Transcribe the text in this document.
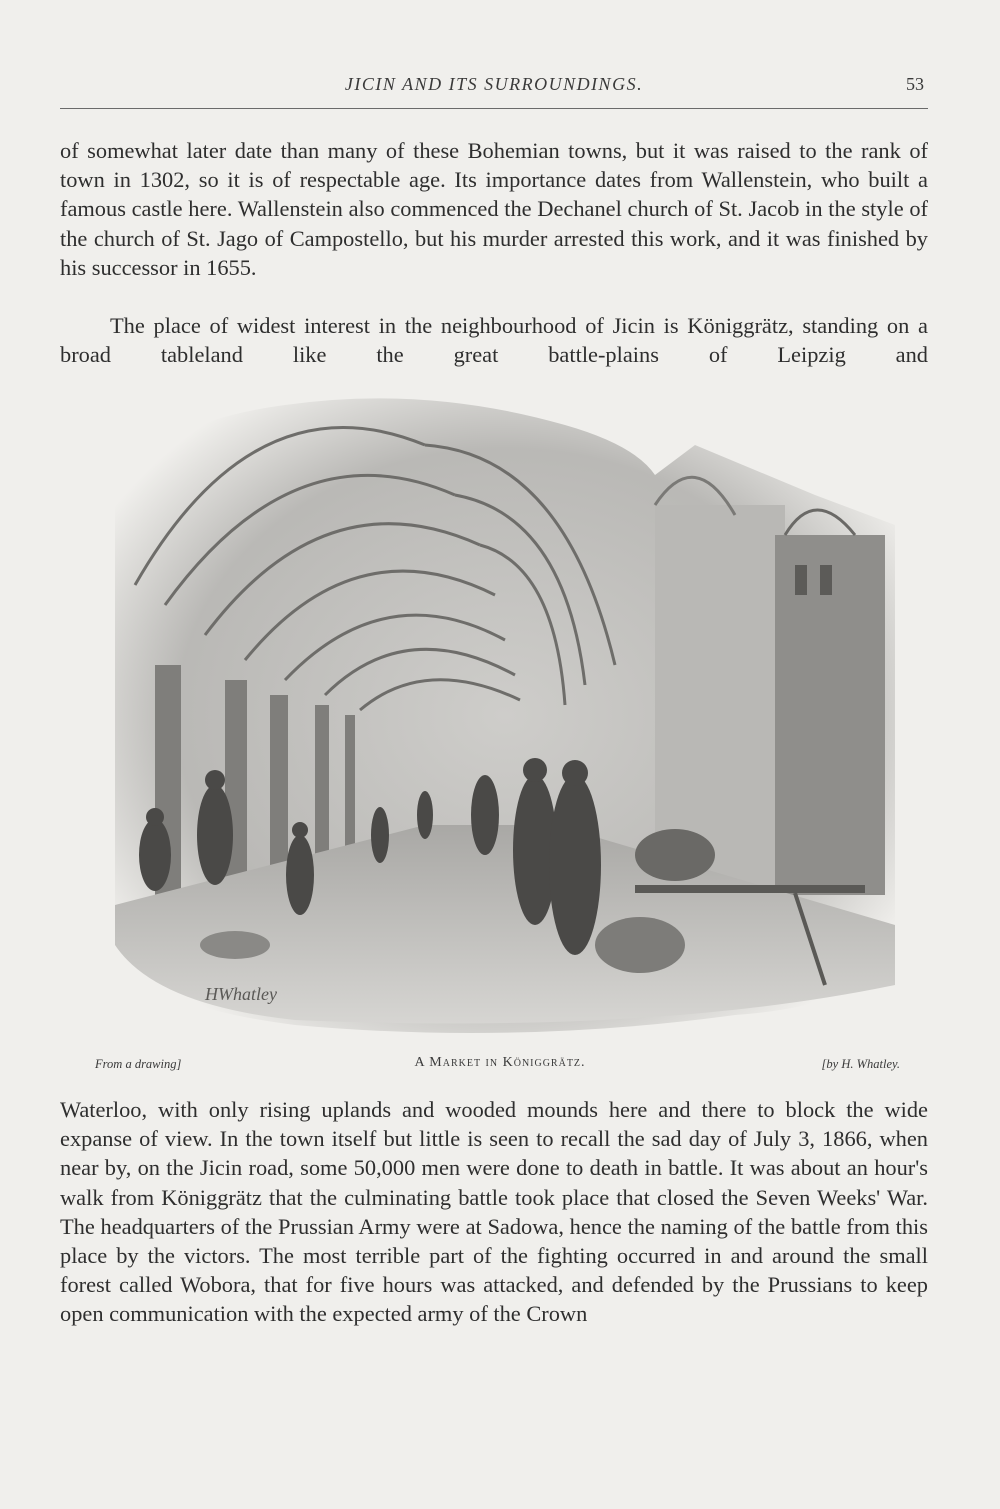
JICIN AND ITS SURROUNDINGS.	53

of somewhat later date than many of these Bohemian towns, but it was raised to the rank of town in 1302, so it is of respectable age. Its importance dates from Wallenstein, who built a famous castle here. Wallenstein also commenced the Dechanel church of St. Jacob in the style of the church of St. Jago of Campostello, but his murder arrested this work, and it was finished by his successor in 1655.

The place of widest interest in the neighbourhood of Jicin is Königgrätz, standing on a broad tableland like the great battle-plains of Leipzig and

HWhatley
From a drawing]	A Market in Königgrätz.	[by H. Whatley.

Waterloo, with only rising uplands and wooded mounds here and there to block the wide expanse of view. In the town itself but little is seen to recall the sad day of July 3, 1866, when near by, on the Jicin road, some 50,000 men were done to death in battle. It was about an hour's walk from Königgrätz that the culminating battle took place that closed the Seven Weeks' War. The headquarters of the Prussian Army were at Sadowa, hence the naming of the battle from this place by the victors. The most terrible part of the fighting occurred in and around the small forest called Wobora, that for five hours was attacked, and defended by the Prussians to keep open communication with the expected army of the Crown
